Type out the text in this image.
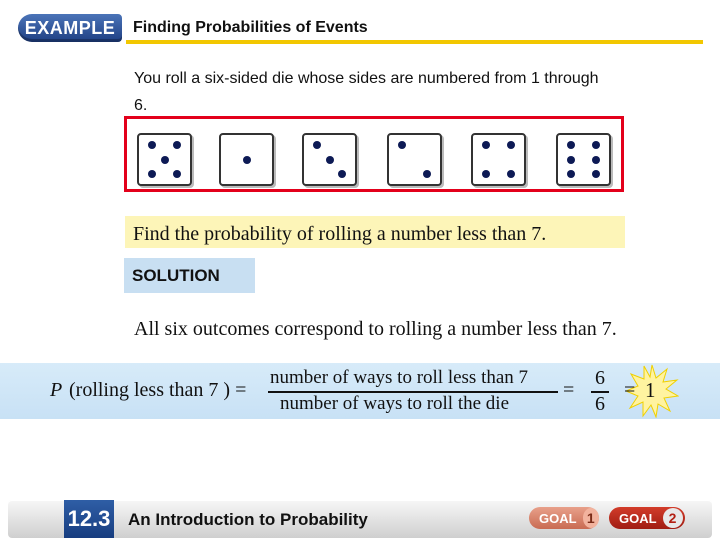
EXAMPLE	Finding Probabilities of Events
You roll a six-sided die whose sides are numbered from 1 through 6.
Find the probability of rolling a number less than 7.
SOLUTION
All six outcomes correspond to rolling a number less than 7.
P (rolling less than 7 ) =
number of ways to roll less than 7
number of ways to roll the die
=
6
6
= 1
12.3 An Introduction to Probability	GOAL 1	GOAL 2
